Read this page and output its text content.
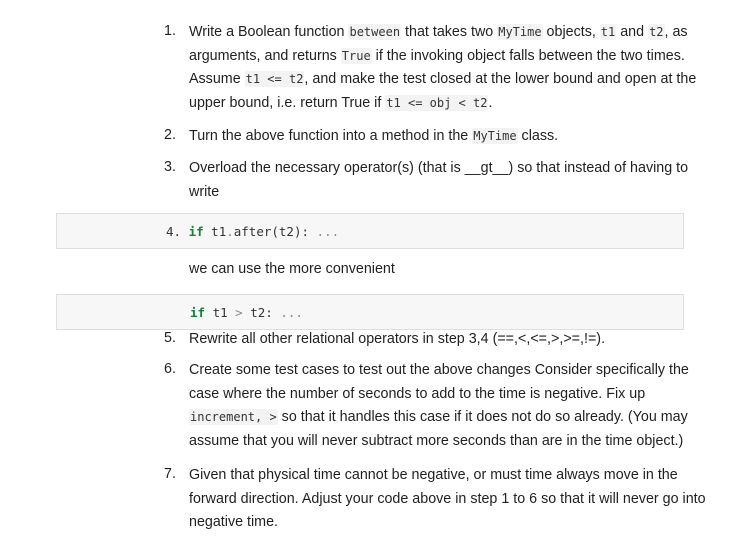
1. Write a Boolean function between that takes two MyTime objects, t1 and t2, as
arguments, and returns True if the invoking object falls between the two times.
Assume t1 <= t2, and make the test closed at the lower bound and open at the
upper bound, i.e. return True if t1 <= obj < t2.
2. Turn the above function into a method in the MyTime class.
3. Overload the necessary operator(s) (that is __gt__) so that instead of having to
write
4. if t1.after(t2): ...
we can use the more convenient
if t1 > t2: ...
5. Rewrite all other relational operators in step 3,4 (==,<,<=,>,>=,!=).
6. Create some test cases to test out the above changes Consider specifically the
case where the number of seconds to add to the time is negative. Fix up
increment, > so that it handles this case if it does not do so already. (You may
assume that you will never subtract more seconds than are in the time object.)
7. Given that physical time cannot be negative, or must time always move in the
forward direction. Adjust your code above in step 1 to 6 so that it will never go into
negative time.
